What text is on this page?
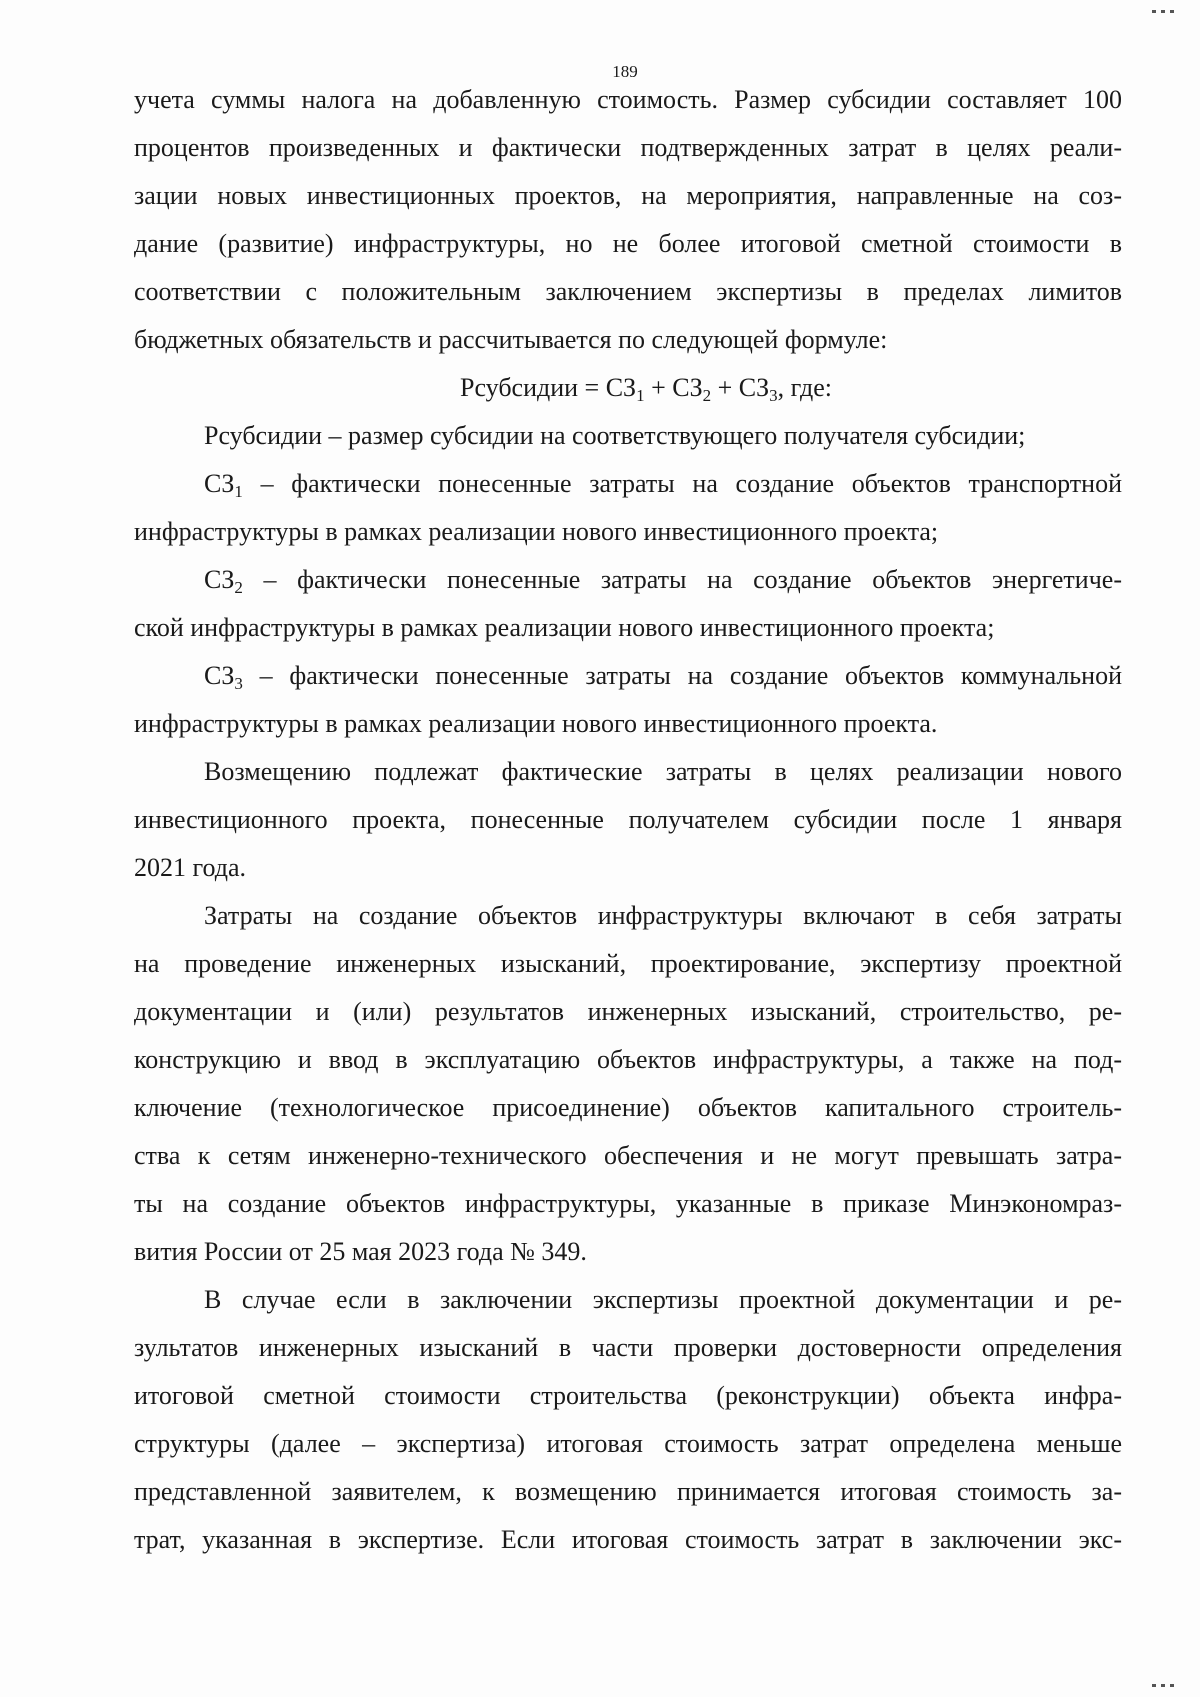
189
учета суммы налога на добавленную стоимость. Размер субсидии составляет 100
процентов произведенных и фактически подтвержденных затрат в целях реали-
зации новых инвестиционных проектов, на мероприятия, направленные на соз-
дание (развитие) инфраструктуры, но не более итоговой сметной стоимости в
соответствии с положительным заключением экспертизы в пределах лимитов
бюджетных обязательств и рассчитывается по следующей формуле:
Рсубсидии = $СЗ_1 + СЗ_2 + СЗ_3$, где:
Рсубсидии – размер субсидии на соответствующего получателя субсидии;
$СЗ_1$ – фактически понесенные затраты на создание объектов транспортной
инфраструктуры в рамках реализации нового инвестиционного проекта;
$СЗ_2$ – фактически понесенные затраты на создание объектов энергетиче-
ской инфраструктуры в рамках реализации нового инвестиционного проекта;
$СЗ_3$ – фактически понесенные затраты на создание объектов коммунальной
инфраструктуры в рамках реализации нового инвестиционного проекта.
Возмещению подлежат фактические затраты в целях реализации нового
инвестиционного проекта, понесенные получателем субсидии после 1 января
2021 года.
Затраты на создание объектов инфраструктуры включают в себя затраты
на проведение инженерных изысканий, проектирование, экспертизу проектной
документации и (или) результатов инженерных изысканий, строительство, ре-
конструкцию и ввод в эксплуатацию объектов инфраструктуры, а также на под-
ключение (технологическое присоединение) объектов капитального строитель-
ства к сетям инженерно-технического обеспечения и не могут превышать затра-
ты на создание объектов инфраструктуры, указанные в приказе Минэкономраз-
вития России от 25 мая 2023 года № 349.
В случае если в заключении экспертизы проектной документации и ре-
зультатов инженерных изысканий в части проверки достоверности определения
итоговой сметной стоимости строительства (реконструкции) объекта инфра-
структуры (далее – экспертиза) итоговая стоимость затрат определена меньше
представленной заявителем, к возмещению принимается итоговая стоимость за-
трат, указанная в экспертизе. Если итоговая стоимость затрат в заключении экс-
